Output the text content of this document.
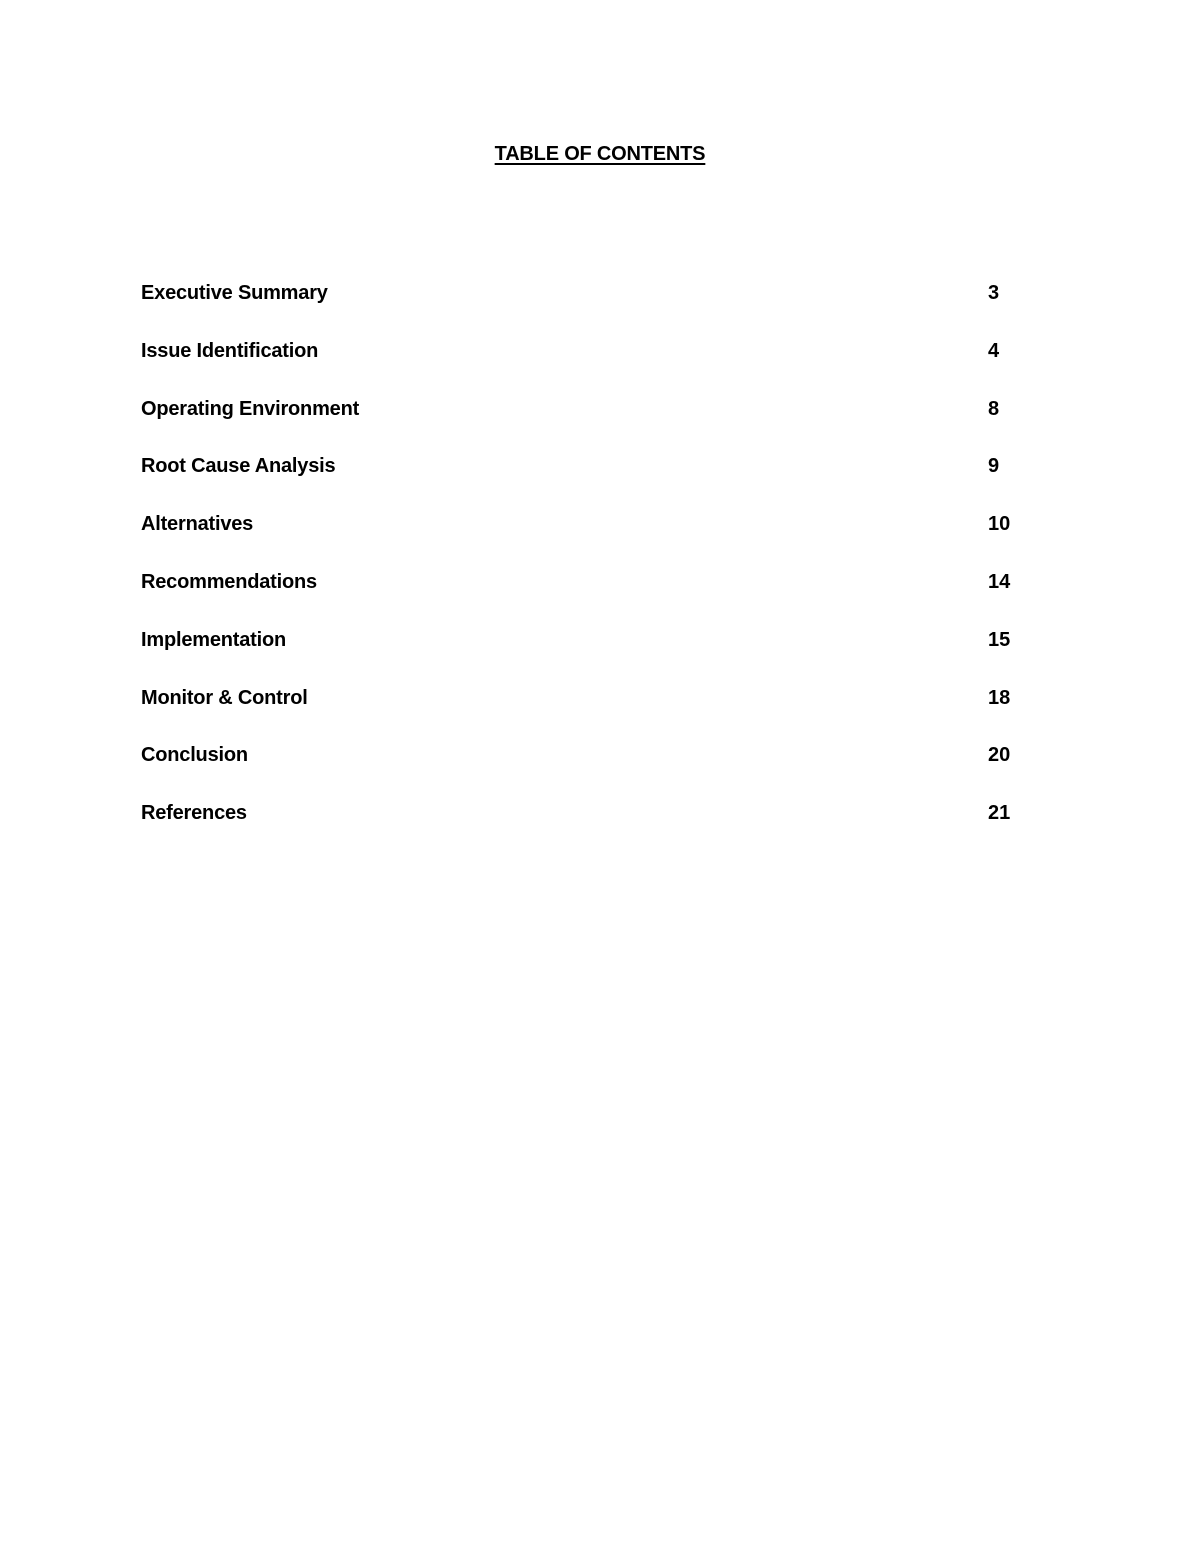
TABLE OF CONTENTS
Executive Summary	3
Issue Identification	4
Operating Environment	8
Root Cause Analysis	9
Alternatives	10
Recommendations	14
Implementation	15
Monitor & Control	18
Conclusion	20
References	21
